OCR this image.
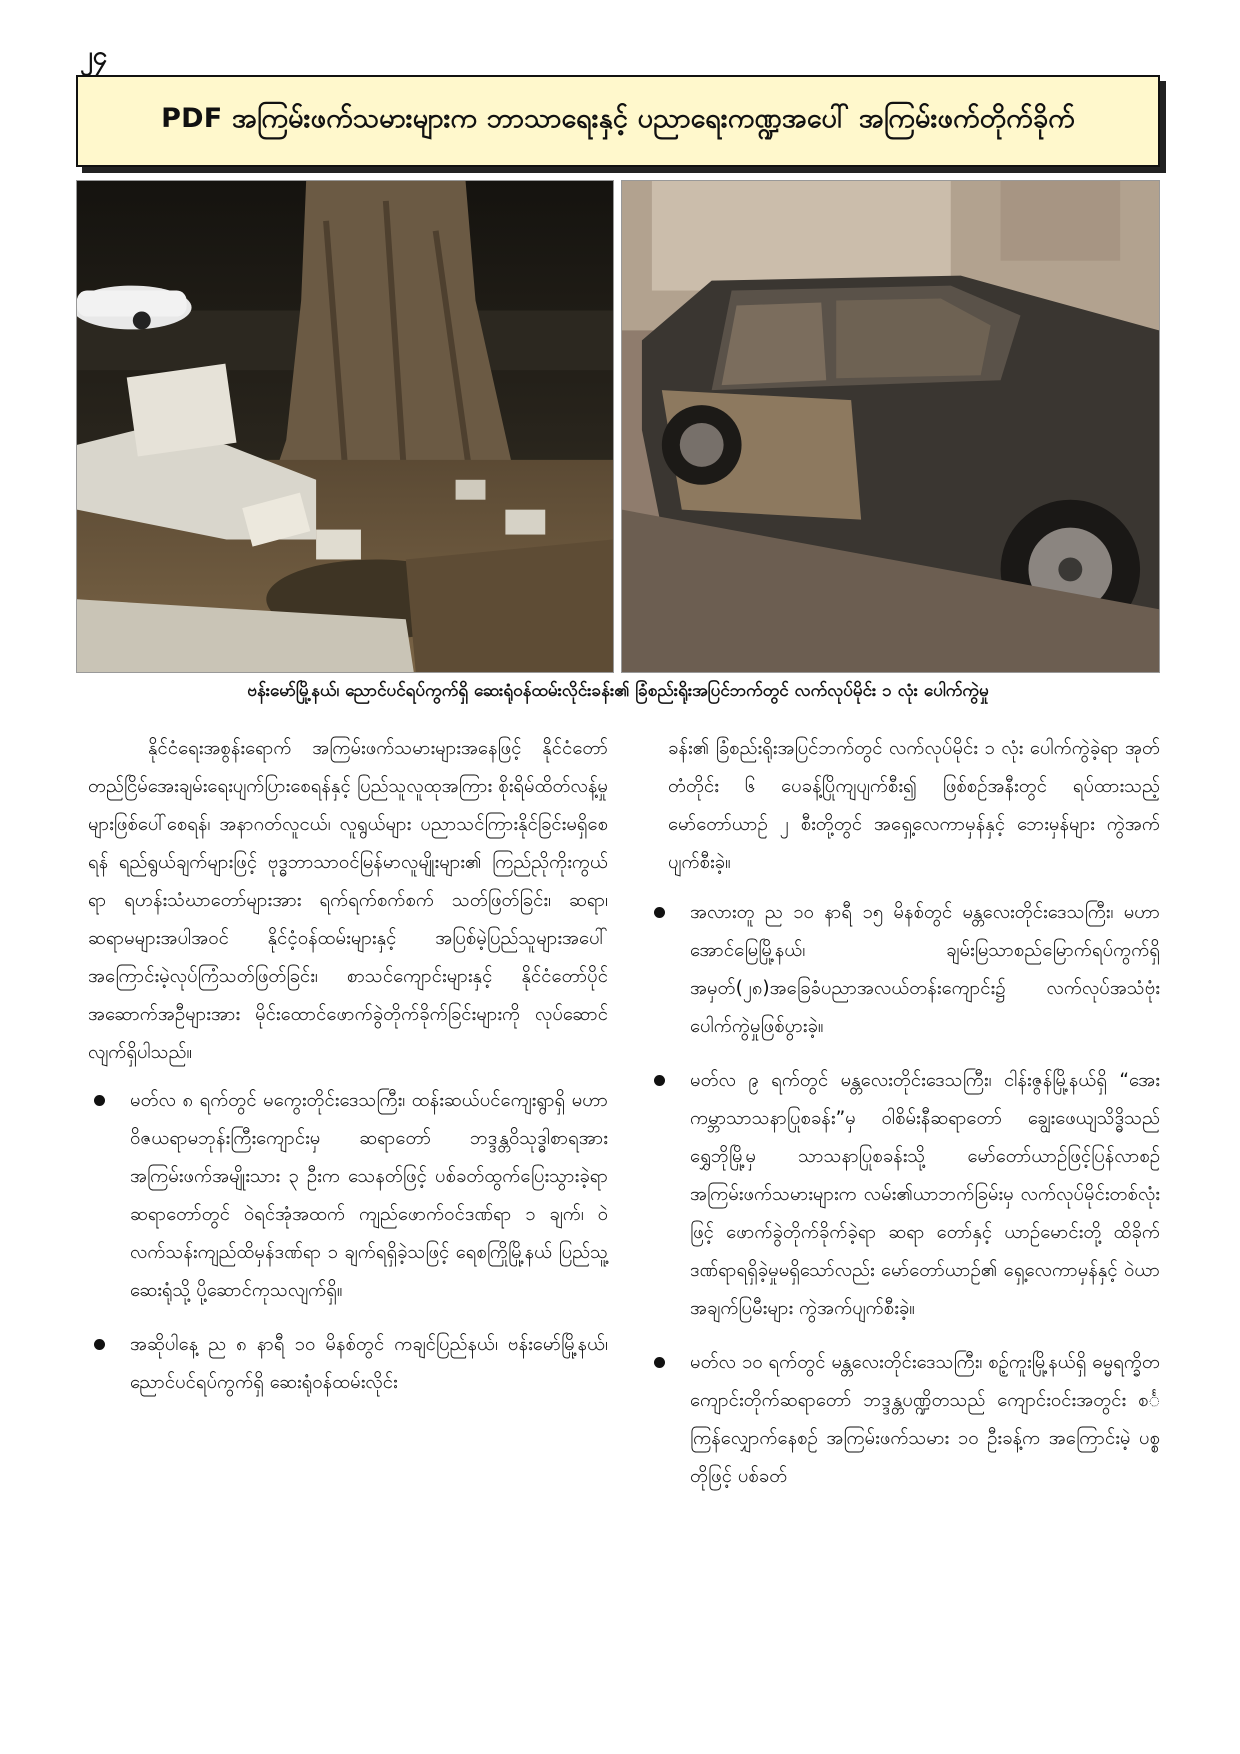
၂၄
PDF အကြမ်းဖက်သမားများက ဘာသာရေးနှင့် ပညာရေးကဏ္ဍအပေါ် အကြမ်းဖက်တိုက်ခိုက်
ဗန်းမော်မြို့နယ်၊ ညောင်ပင်ရပ်ကွက်ရှိ ဆေးရုံဝန်ထမ်းလိုင်းခန်း၏ ခြံစည်းရိုးအပြင်ဘက်တွင် လက်လုပ်မိုင်း ၁ လုံး ပေါက်ကွဲမှု

နိုင်ငံရေးအစွန်းရောက် အကြမ်းဖက်သမားများအနေဖြင့် နိုင်ငံတော်တည်ငြိမ်အေးချမ်းရေးပျက်ပြားစေရန်နှင့် ပြည်သူလူထုအကြား စိုးရိမ်ထိတ်လန့်မှုများဖြစ်ပေါ်စေရန်၊ အနာဂတ်လူငယ်၊ လူရွယ်များ ပညာသင်ကြားနိုင်ခြင်းမရှိစေရန် ရည်ရွယ်ချက်များဖြင့် ဗုဒ္ဓဘာသာဝင်မြန်မာလူမျိုးများ၏ ကြည်ညိုကိုးကွယ်ရာ ရဟန်းသံဃာတော်များအား ရက်ရက်စက်စက် သတ်ဖြတ်ခြင်း၊ ဆရာ၊ ဆရာမများအပါအဝင် နိုင်ငံ့ဝန်ထမ်းများနှင့် အပြစ်မဲ့ပြည်သူများအပေါ် အကြောင်းမဲ့လုပ်ကြံသတ်ဖြတ်ခြင်း၊ စာသင်ကျောင်းများနှင့် နိုင်ငံတော်ပိုင်အဆောက်အဦများအား မိုင်းထောင်ဖောက်ခွဲတိုက်ခိုက်ခြင်းများကို လုပ်ဆောင်လျက်ရှိပါသည်။

မတ်လ ၈ ရက်တွင် မကွေးတိုင်းဒေသကြီး၊ ထန်းဆယ်ပင်ကျေးရွာရှိ မဟာဝိဇယရာမဘုန်းကြီးကျောင်းမှ ဆရာတော် ဘဒ္ဒန္တဝိသုဒ္ဓါစာရအား အကြမ်းဖက်အမျိုးသား ၃ ဦးက သေနတ်ဖြင့် ပစ်ခတ်ထွက်ပြေးသွားခဲ့ရာ ဆရာတော်တွင် ဝဲရင်အုံအထက် ကျည်ဖောက်ဝင်ဒဏ်ရာ ၁ ချက်၊ ဝဲလက်သန်းကျည်ထိမှန်ဒဏ်ရာ ၁ ချက်ရရှိခဲ့သဖြင့် ရေစကြိုမြို့နယ် ပြည်သူ့ဆေးရုံသို့ ပို့ဆောင်ကုသလျက်ရှိ။
အဆိုပါနေ့ ည ၈ နာရီ ၁၀ မိနစ်တွင် ကချင်ပြည်နယ်၊ ဗန်းမော်မြို့နယ်၊ ညောင်ပင်ရပ်ကွက်ရှိ ဆေးရုံဝန်ထမ်းလိုင်း

ခန်း၏ ခြံစည်းရိုးအပြင်ဘက်တွင် လက်လုပ်မိုင်း ၁ လုံး ပေါက်ကွဲခဲ့ရာ အုတ်တံတိုင်း ၆ ပေခန့်ပြိုကျပျက်စီး၍ ဖြစ်စဉ်အနီးတွင် ရပ်ထားသည့် မော်တော်ယာဉ် ၂ စီးတို့တွင် အရှေ့လေကာမှန်နှင့် ဘေးမှန်များ ကွဲအက်ပျက်စီးခဲ့။

အလားတူ ည ၁၀ နာရီ ၁၅ မိနစ်တွင် မန္တလေးတိုင်းဒေသကြီး၊ မဟာအောင်မြေမြို့နယ်၊ ချမ်းမြသာစည်မြောက်ရပ်ကွက်ရှိ အမှတ်(၂၈)အခြေခံပညာအလယ်တန်းကျောင်း၌ လက်လုပ်အသံဗုံးပေါက်ကွဲမှုဖြစ်ပွားခဲ့။
မတ်လ ၉ ရက်တွင် မန္တလေးတိုင်းဒေသကြီး၊ ငါန်းဇွန်မြို့နယ်ရှိ “အေးကမ္ဘာသာသနာပြုစခန်း”မှ ဝါစိမ်းနီဆရာတော် ချွေးဖေယျသိဒ္ဓိသည် ရွှေဘိုမြို့မှ သာသနာပြုစခန်းသို့ မော်တော်ယာဉ်ဖြင့်ပြန်လာစဉ် အကြမ်းဖက်သမားများက လမ်း၏ယာဘက်ခြမ်းမှ လက်လုပ်မိုင်းတစ်လုံးဖြင့် ဖောက်ခွဲတိုက်ခိုက်ခဲ့ရာ ဆရာ တော်နှင့် ယာဉ်မောင်းတို့ ထိခိုက်ဒဏ်ရာရရှိခဲ့မှုမရှိသော်လည်း မော်တော်ယာဉ်၏ ရှေ့လေကာမှန်နှင့် ဝဲယာအချက်ပြမီးများ ကွဲအက်ပျက်စီးခဲ့။
မတ်လ ၁၀ ရက်တွင် မန္တလေးတိုင်းဒေသကြီး၊ စဉ့်ကူးမြို့နယ်ရှိ ဓမ္မရက္ခိတကျောင်းတိုက်ဆရာတော် ဘဒ္ဒန္တပဏ္ဍိတသည် ကျောင်းဝင်းအတွင်း စင်္ကြန်လျှောက်နေစဉ် အကြမ်းဖက်သမား ၁၀ ဦးခန့်က အကြောင်းမဲ့ ပစ္စတိုဖြင့် ပစ်ခတ်
